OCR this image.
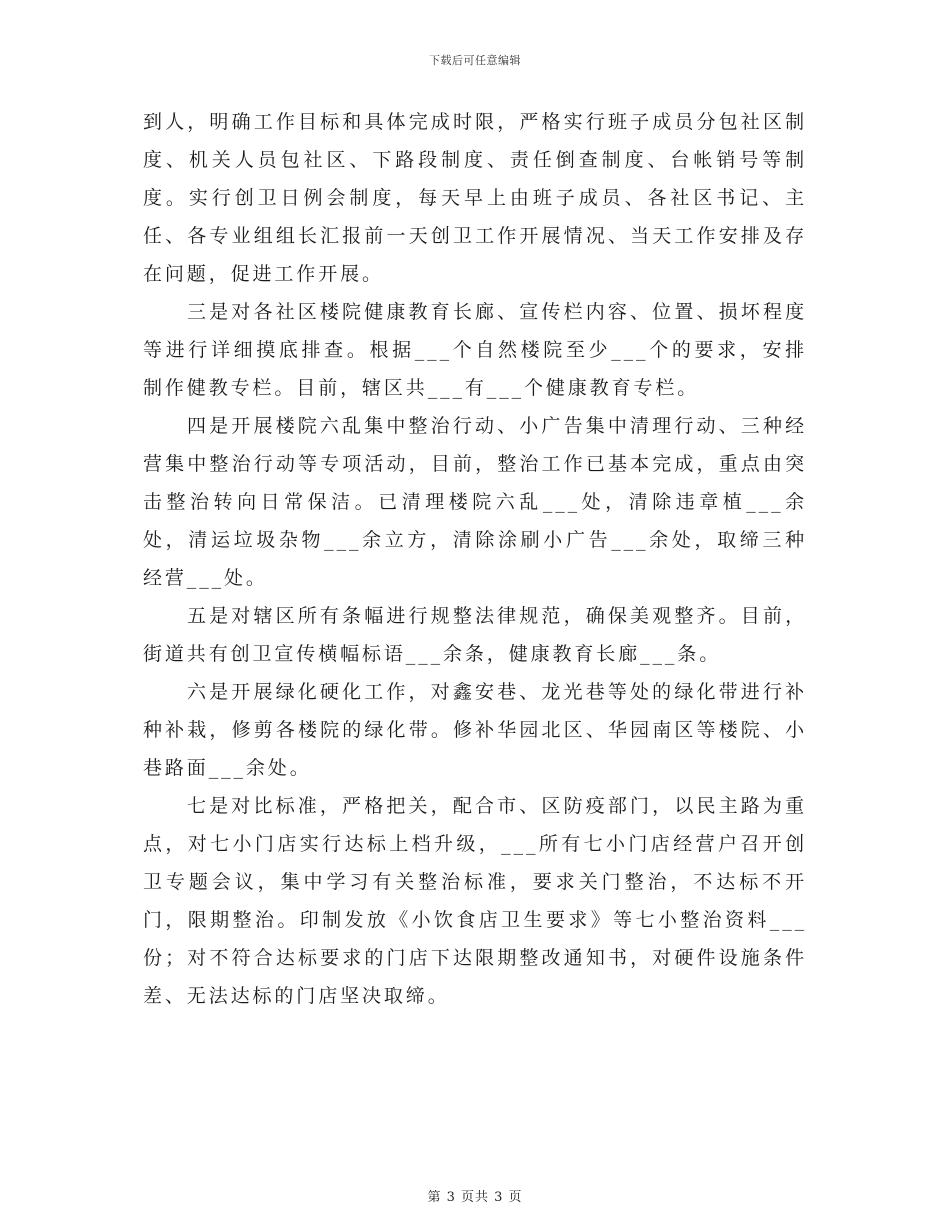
下载后可任意编辑

到人，明确工作目标和具体完成时限，严格实行班子成员分包社区制度、机关人员包社区、下路段制度、责任倒查制度、台帐销号等制度。实行创卫日例会制度，每天早上由班子成员、各社区书记、主任、各专业组组长汇报前一天创卫工作开展情况、当天工作安排及存在问题，促进工作开展。

三是对各社区楼院健康教育长廊、宣传栏内容、位置、损坏程度等进行详细摸底排查。根据___个自然楼院至少___个的要求，安排制作健教专栏。目前，辖区共___有___个健康教育专栏。

四是开展楼院六乱集中整治行动、小广告集中清理行动、三种经营集中整治行动等专项活动，目前，整治工作已基本完成，重点由突击整治转向日常保洁。已清理楼院六乱___处，清除违章植___余处，清运垃圾杂物___余立方，清除涂刷小广告___余处，取缔三种经营___处。

五是对辖区所有条幅进行规整法律规范，确保美观整齐。目前，街道共有创卫宣传横幅标语___余条，健康教育长廊___条。

六是开展绿化硬化工作，对鑫安巷、龙光巷等处的绿化带进行补种补栽，修剪各楼院的绿化带。修补华园北区、华园南区等楼院、小巷路面___余处。

七是对比标准，严格把关，配合市、区防疫部门，以民主路为重点，对七小门店实行达标上档升级，___所有七小门店经营户召开创卫专题会议，集中学习有关整治标准，要求关门整治，不达标不开门，限期整治。印制发放《小饮食店卫生要求》等七小整治资料___份；对不符合达标要求的门店下达限期整改通知书，对硬件设施条件差、无法达标的门店坚决取缔。

第 3 页共 3 页
